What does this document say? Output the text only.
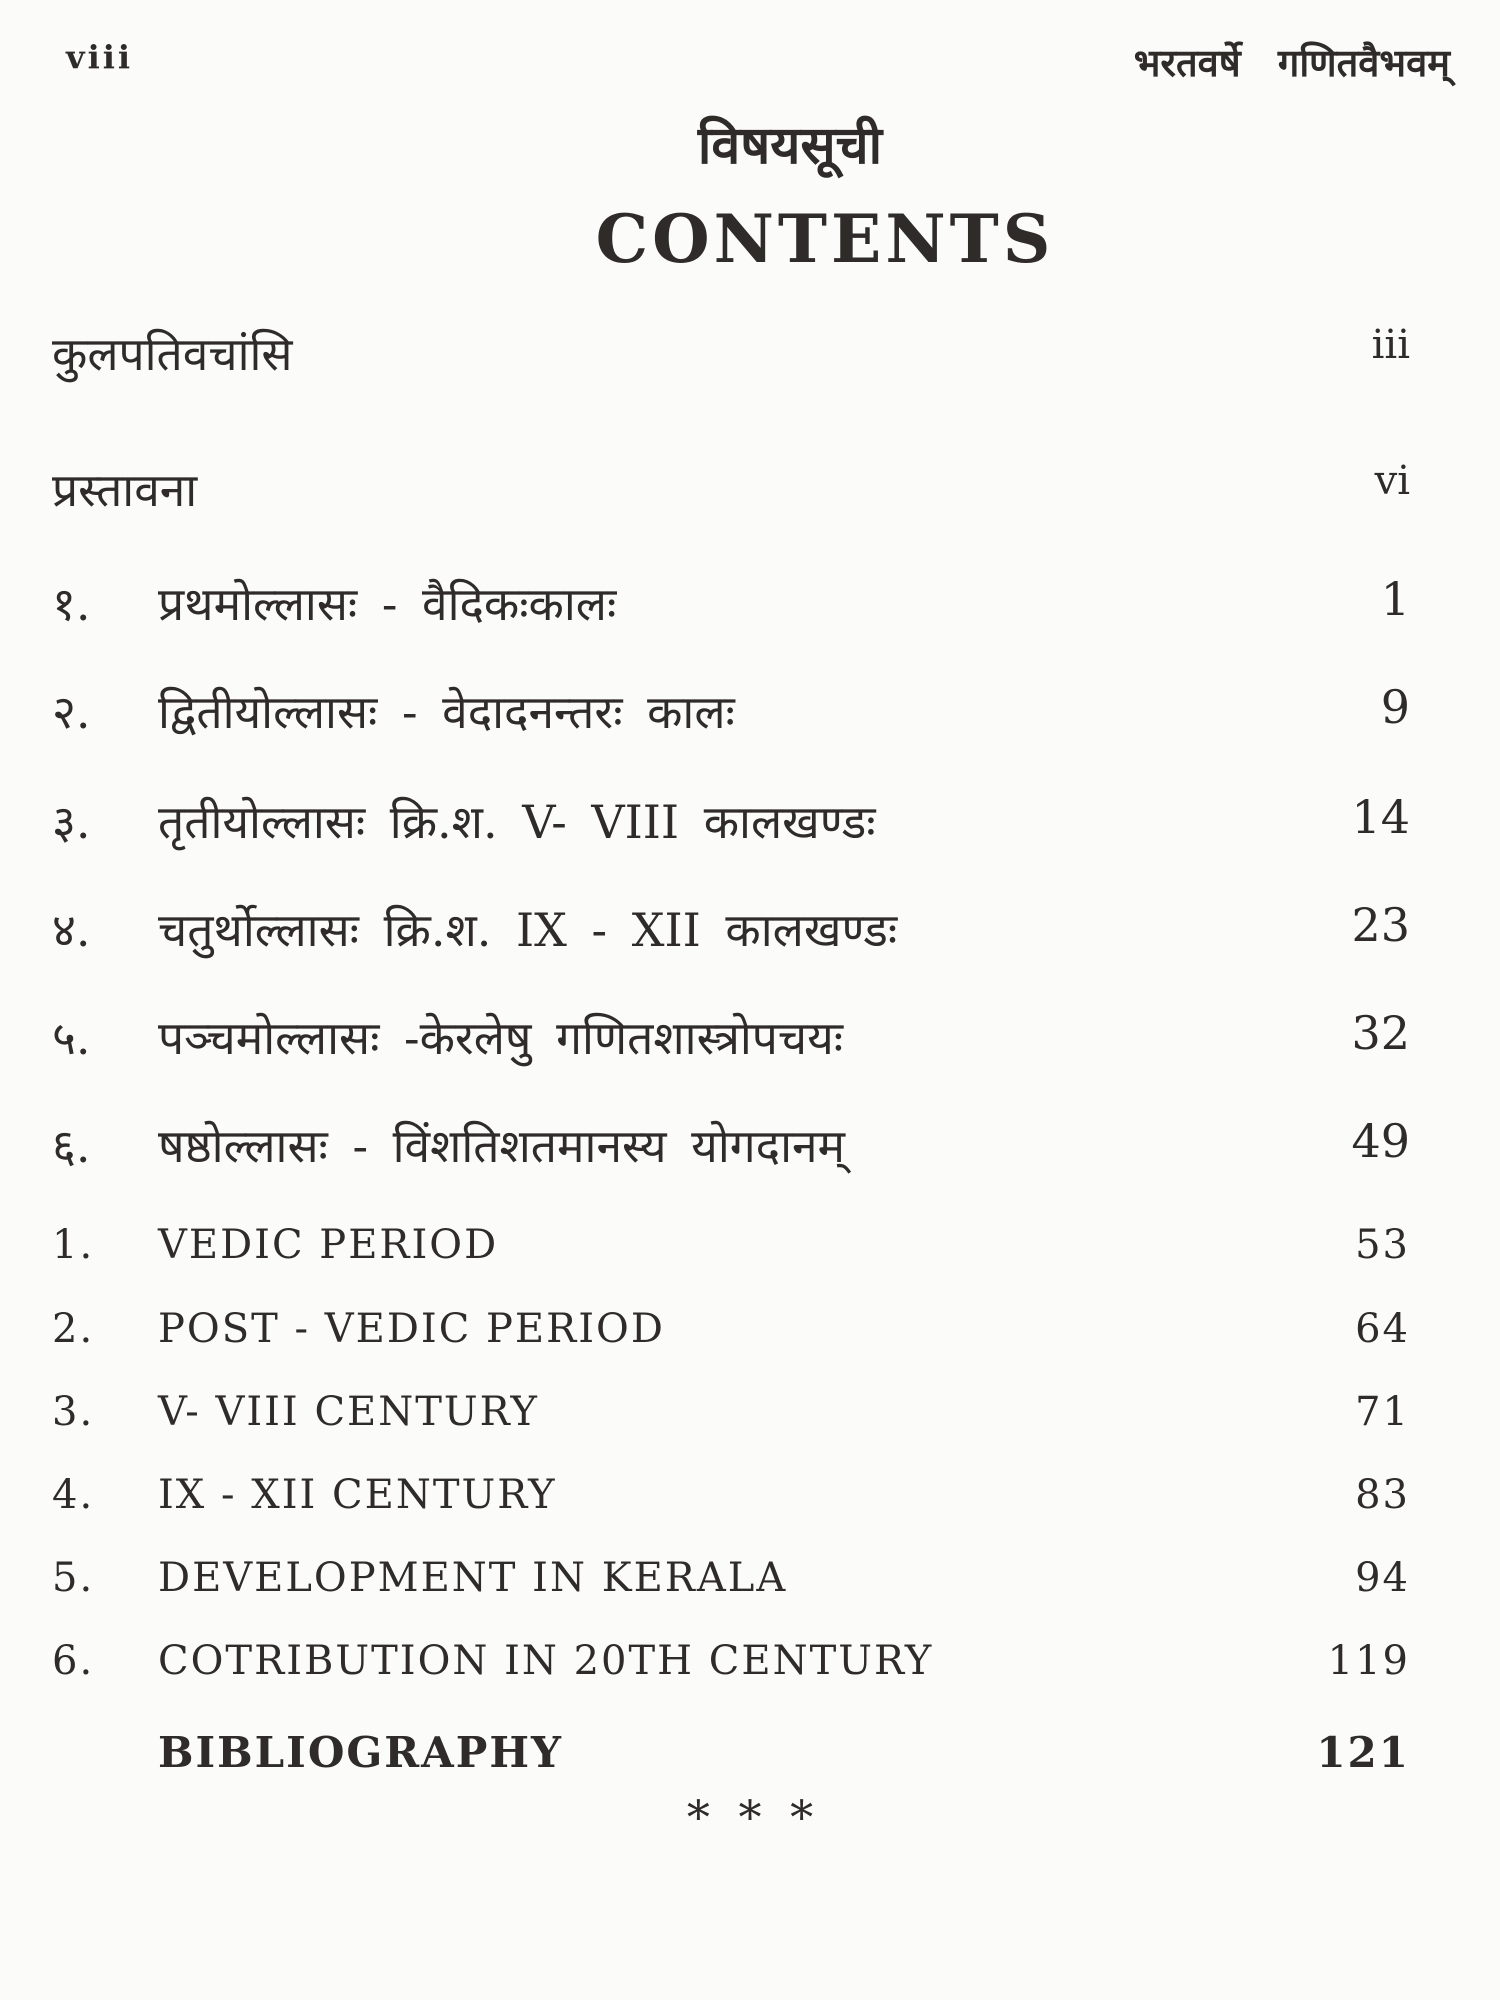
viii	भरतवर्षे गणितवैभवम्
विषयसूची
CONTENTS
कुलपतिवचांसि	iii
प्रस्तावना	vi
१. प्रथमोल्लासः - वैदिकःकालः	1
२. द्वितीयोल्लासः - वेदादनन्तरः कालः	9
३. तृतीयोल्लासः क्रि.श. V- VIII कालखण्डः	14
४. चतुर्थोल्लासः क्रि.श. IX - XII कालखण्डः	23
५. पञ्चमोल्लासः -केरलेषु गणितशास्त्रोपचयः	32
६. षष्ठोल्लासः - विंशतिशतमानस्य योगदानम्	49
1. VEDIC PERIOD	53
2. POST - VEDIC PERIOD	64
3. V- VIII CENTURY	71
4. IX - XII CENTURY	83
5. DEVELOPMENT IN KERALA	94
6. COTRIBUTION IN 20TH CENTURY	119
BIBLIOGRAPHY	121
* * *
